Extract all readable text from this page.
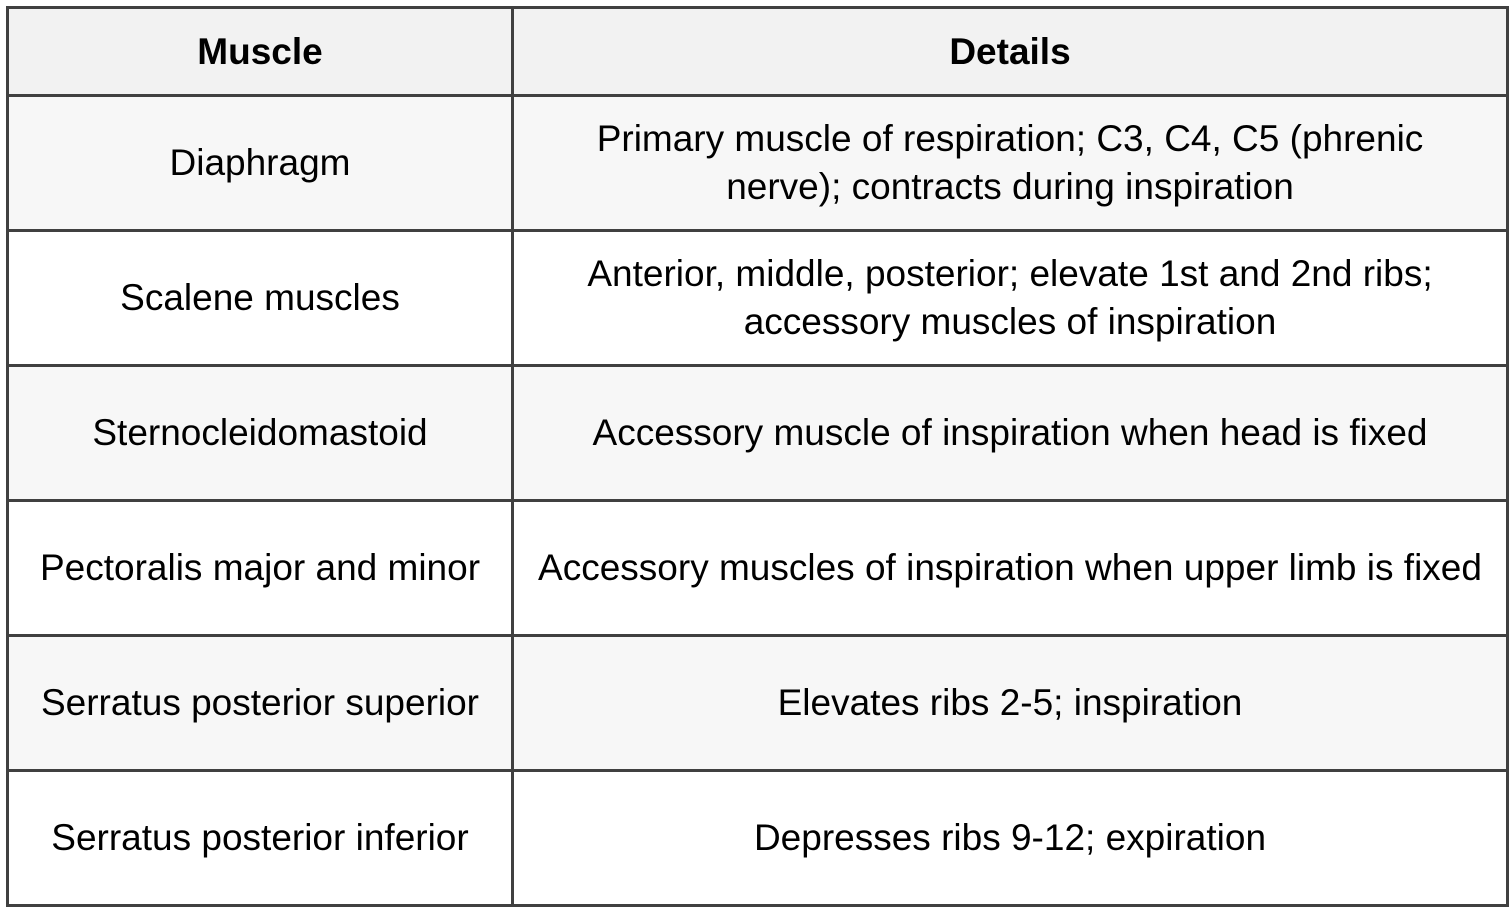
Muscle	Details
Diaphragm	Primary muscle of respiration; C3, C4, C5 (phrenic nerve); contracts during inspiration
Scalene muscles	Anterior, middle, posterior; elevate 1st and 2nd ribs; accessory muscles of inspiration
Sternocleidomastoid	Accessory muscle of inspiration when head is fixed
Pectoralis major and minor	Accessory muscles of inspiration when upper limb is fixed
Serratus posterior superior	Elevates ribs 2-5; inspiration
Serratus posterior inferior	Depresses ribs 9-12; expiration
